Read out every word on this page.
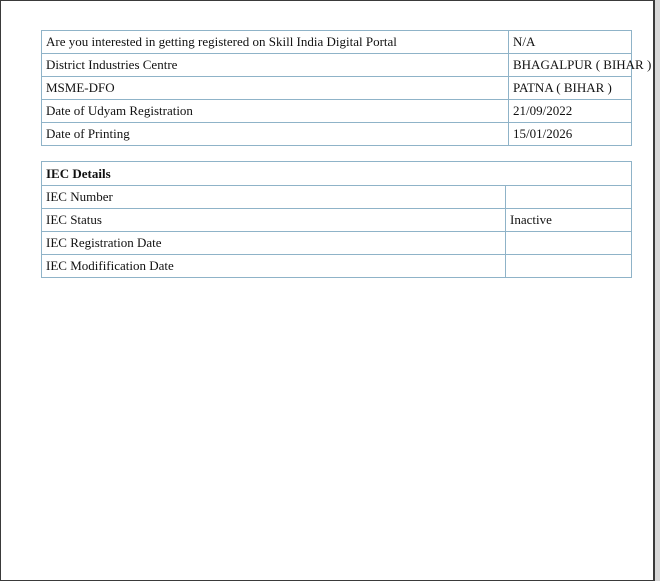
Are you interested in getting registered on Skill India Digital Portal	N/A
District Industries Centre	BHAGALPUR ( BIHAR )
MSME-DFO	PATNA ( BIHAR )
Date of Udyam Registration	21/09/2022
Date of Printing	15/01/2026
IEC Details	
IEC Number	
IEC Status	Inactive
IEC Registration Date	
IEC Modifification Date	
